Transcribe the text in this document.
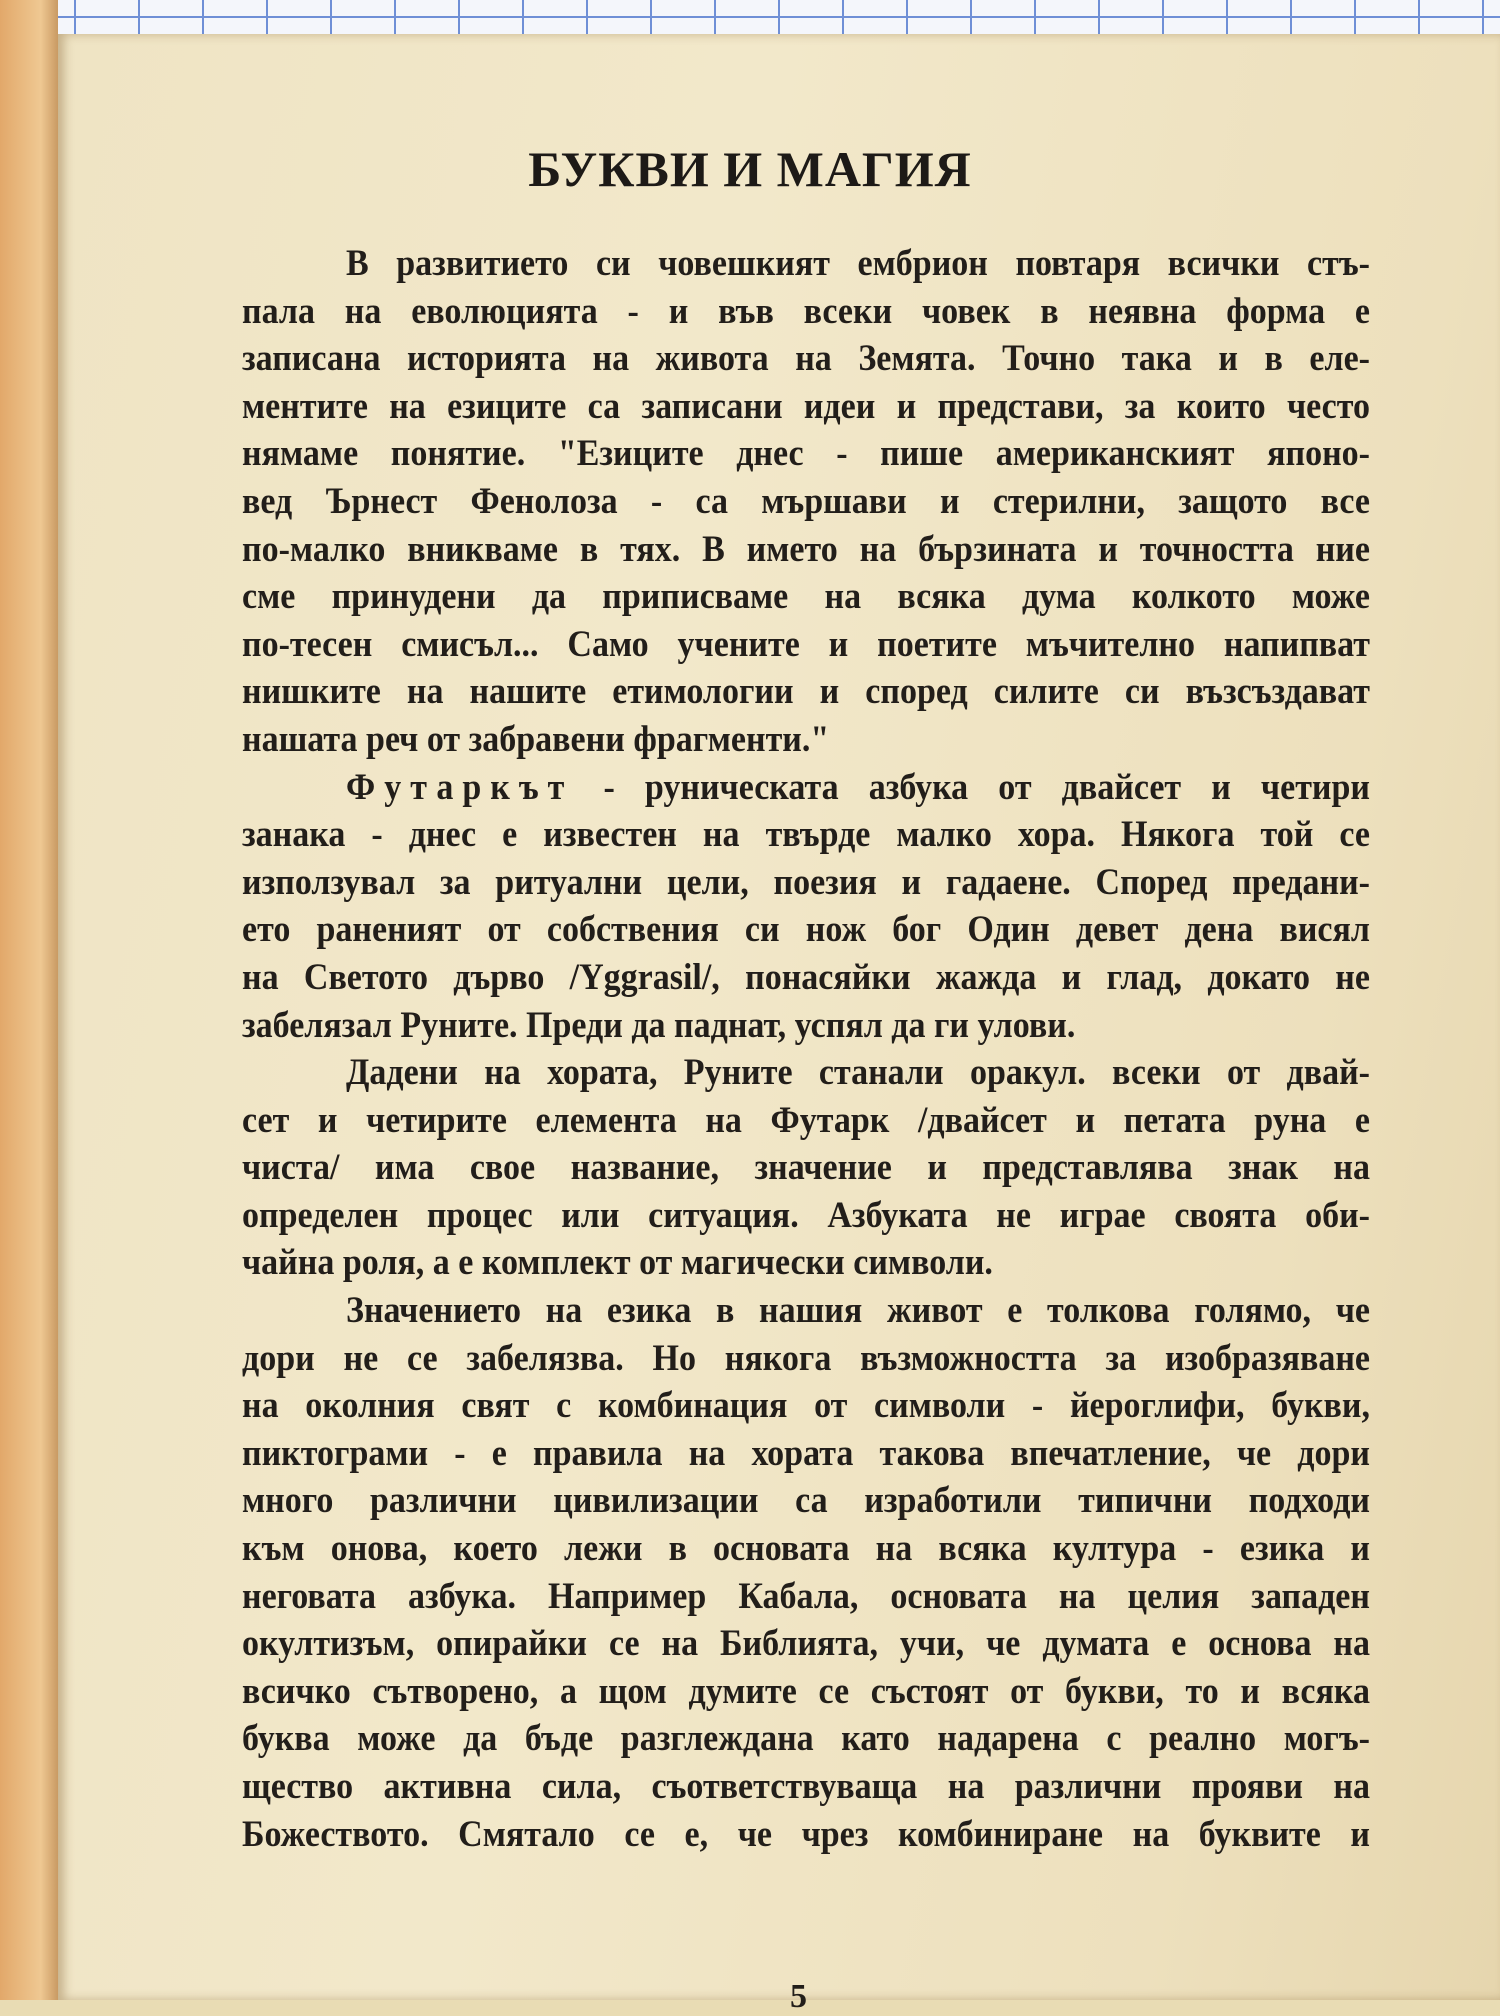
БУКВИ И МАГИЯ
В развитието си човешкият ембрион повтаря всички стъ-
пала на еволюцията - и във всеки човек в неявна форма е
записана историята на живота на Земята. Точно така и в еле-
ментите на езиците са записани идеи и представи, за които често
нямаме понятие. "Езиците днес - пише американският японо-
вед Ърнест Фенолоза - са мършави и стерилни, защото все
по-малко вникваме в тях. В името на бързината и точността ние
сме принудени да приписваме на всяка дума колкото може
по-тесен смисъл... Само учените и поетите мъчително напипват
нишките на нашите етимологии и според силите си възсъздават
нашата реч от забравени фрагменти."
Футаркът - руническата азбука от двайсет и четири
занака - днес е известен на твърде малко хора. Някога той се
използувал за ритуални цели, поезия и гадаене. Според предани-
ето раненият от собствения си нож бог Один девет дена висял
на Светото дърво /Yggrasil/, понасяйки жажда и глад, докато не
забелязал Руните. Преди да паднат, успял да ги улови.
Дадени на хората, Руните станали оракул. всеки от двай-
сет и четирите елемента на Футарк /двайсет и петата руна е
чиста/ има свое название, значение и представлява знак на
определен процес или ситуация. Азбуката не играе своята оби-
чайна роля, а е комплект от магически символи.
Значението на езика в нашия живот е толкова голямо, че
дори не се забелязва. Но някога възможността за изобразяване
на околния свят с комбинация от символи - йероглифи, букви,
пиктограми - е правила на хората такова впечатление, че дори
много различни цивилизации са изработили типични подходи
към онова, което лежи в основата на всяка култура - езика и
неговата азбука. Например Кабала, основата на целия западен
окултизъм, опирайки се на Библията, учи, че думата е основа на
всичко сътворено, а щом думите се състоят от букви, то и всяка
буква може да бъде разглеждана като надарена с реално могъ-
щество активна сила, съответствуваща на различни прояви на
Божеството. Смятало се е, че чрез комбиниране на буквите и
5
